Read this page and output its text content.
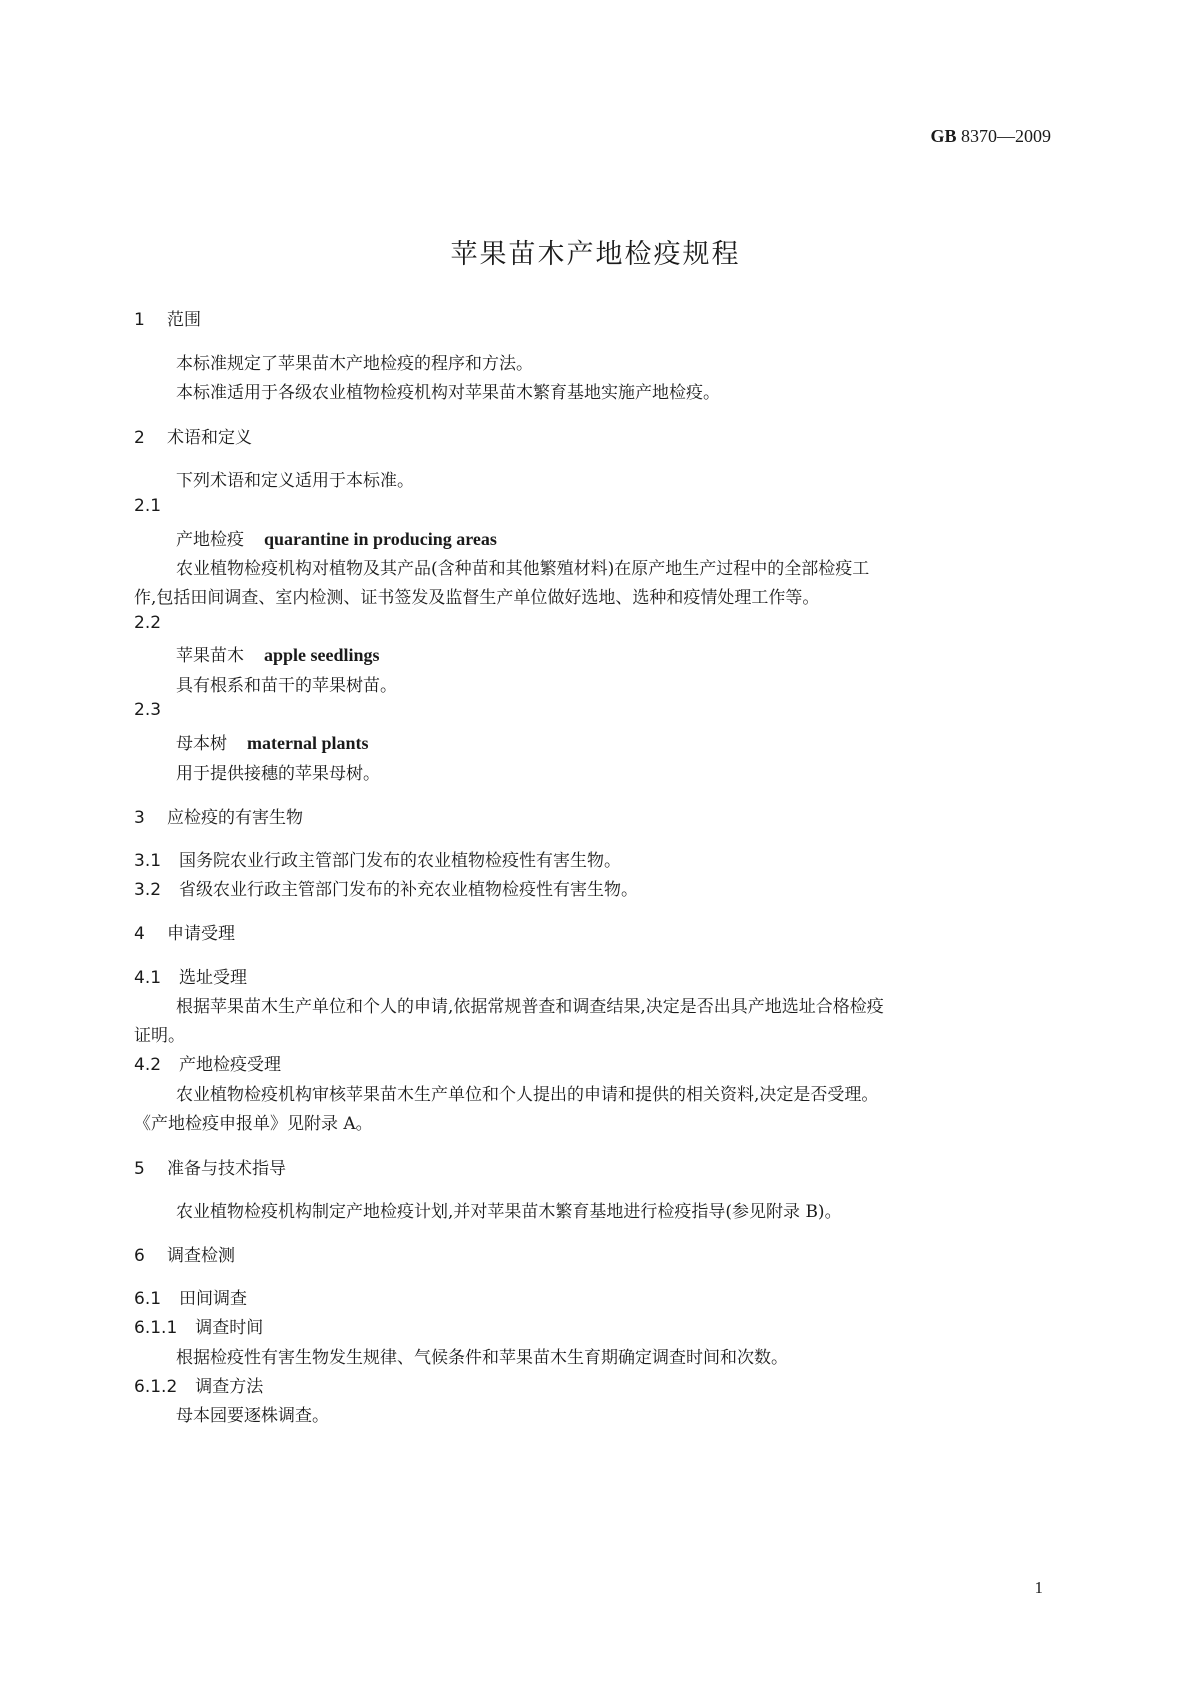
GB 8370—2009
苹果苗木产地检疫规程
1 范围
本标准规定了苹果苗木产地检疫的程序和方法。
本标准适用于各级农业植物检疫机构对苹果苗木繁育基地实施产地检疫。
2 术语和定义
下列术语和定义适用于本标准。
2.1
产地检疫 quarantine in producing areas
农业植物检疫机构对植物及其产品(含种苗和其他繁殖材料)在原产地生产过程中的全部检疫工
作,包括田间调查、室内检测、证书签发及监督生产单位做好选地、选种和疫情处理工作等。
2.2
苹果苗木 apple seedlings
具有根系和苗干的苹果树苗。
2.3
母本树 maternal plants
用于提供接穗的苹果母树。
3 应检疫的有害生物
3.1 国务院农业行政主管部门发布的农业植物检疫性有害生物。
3.2 省级农业行政主管部门发布的补充农业植物检疫性有害生物。
4 申请受理
4.1 选址受理
根据苹果苗木生产单位和个人的申请,依据常规普查和调查结果,决定是否出具产地选址合格检疫
证明。
4.2 产地检疫受理
农业植物检疫机构审核苹果苗木生产单位和个人提出的申请和提供的相关资料,决定是否受理。
《产地检疫申报单》见附录 A。
5 准备与技术指导
农业植物检疫机构制定产地检疫计划,并对苹果苗木繁育基地进行检疫指导(参见附录 B)。
6 调查检测
6.1 田间调查
6.1.1 调查时间
根据检疫性有害生物发生规律、气候条件和苹果苗木生育期确定调查时间和次数。
6.1.2 调查方法
母本园要逐株调查。
1
